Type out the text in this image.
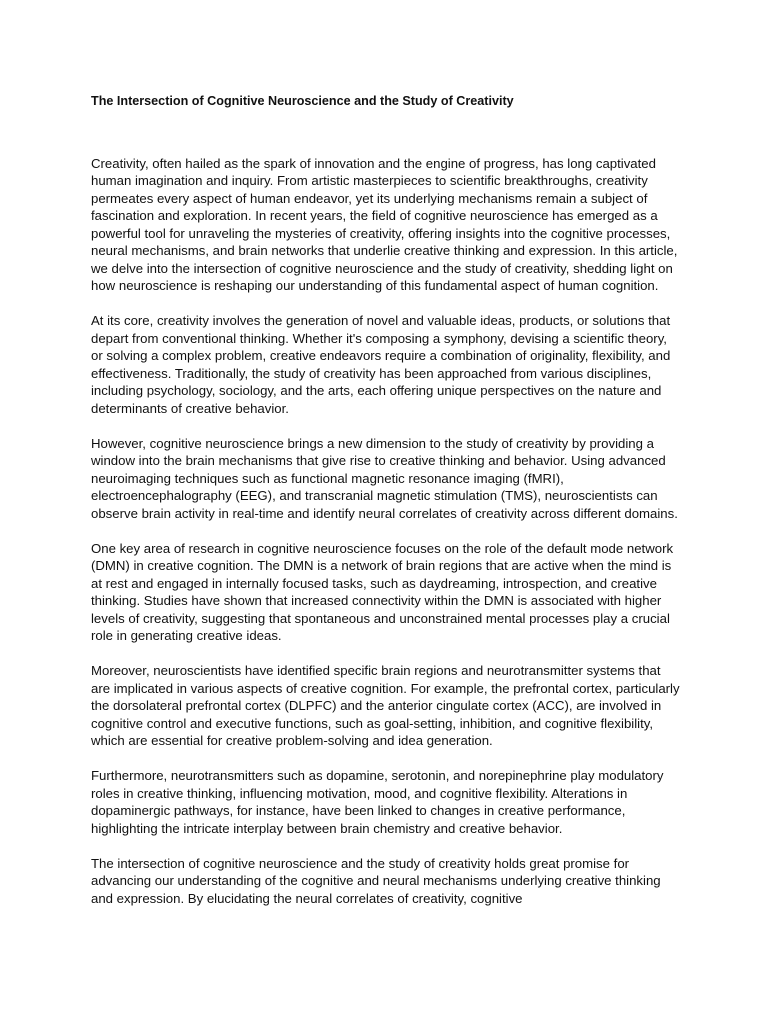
The Intersection of Cognitive Neuroscience and the Study of Creativity

Creativity, often hailed as the spark of innovation and the engine of progress, has long captivated human imagination and inquiry. From artistic masterpieces to scientific breakthroughs, creativity permeates every aspect of human endeavor, yet its underlying mechanisms remain a subject of fascination and exploration. In recent years, the field of cognitive neuroscience has emerged as a powerful tool for unraveling the mysteries of creativity, offering insights into the cognitive processes, neural mechanisms, and brain networks that underlie creative thinking and expression. In this article, we delve into the intersection of cognitive neuroscience and the study of creativity, shedding light on how neuroscience is reshaping our understanding of this fundamental aspect of human cognition.

At its core, creativity involves the generation of novel and valuable ideas, products, or solutions that depart from conventional thinking. Whether it's composing a symphony, devising a scientific theory, or solving a complex problem, creative endeavors require a combination of originality, flexibility, and effectiveness. Traditionally, the study of creativity has been approached from various disciplines, including psychology, sociology, and the arts, each offering unique perspectives on the nature and determinants of creative behavior.

However, cognitive neuroscience brings a new dimension to the study of creativity by providing a window into the brain mechanisms that give rise to creative thinking and behavior. Using advanced neuroimaging techniques such as functional magnetic resonance imaging (fMRI), electroencephalography (EEG), and transcranial magnetic stimulation (TMS), neuroscientists can observe brain activity in real-time and identify neural correlates of creativity across different domains.

One key area of research in cognitive neuroscience focuses on the role of the default mode network (DMN) in creative cognition. The DMN is a network of brain regions that are active when the mind is at rest and engaged in internally focused tasks, such as daydreaming, introspection, and creative thinking. Studies have shown that increased connectivity within the DMN is associated with higher levels of creativity, suggesting that spontaneous and unconstrained mental processes play a crucial role in generating creative ideas.

Moreover, neuroscientists have identified specific brain regions and neurotransmitter systems that are implicated in various aspects of creative cognition. For example, the prefrontal cortex, particularly the dorsolateral prefrontal cortex (DLPFC) and the anterior cingulate cortex (ACC), are involved in cognitive control and executive functions, such as goal-setting, inhibition, and cognitive flexibility, which are essential for creative problem-solving and idea generation.

Furthermore, neurotransmitters such as dopamine, serotonin, and norepinephrine play modulatory roles in creative thinking, influencing motivation, mood, and cognitive flexibility. Alterations in dopaminergic pathways, for instance, have been linked to changes in creative performance, highlighting the intricate interplay between brain chemistry and creative behavior.

The intersection of cognitive neuroscience and the study of creativity holds great promise for advancing our understanding of the cognitive and neural mechanisms underlying creative thinking and expression. By elucidating the neural correlates of creativity, cognitive
